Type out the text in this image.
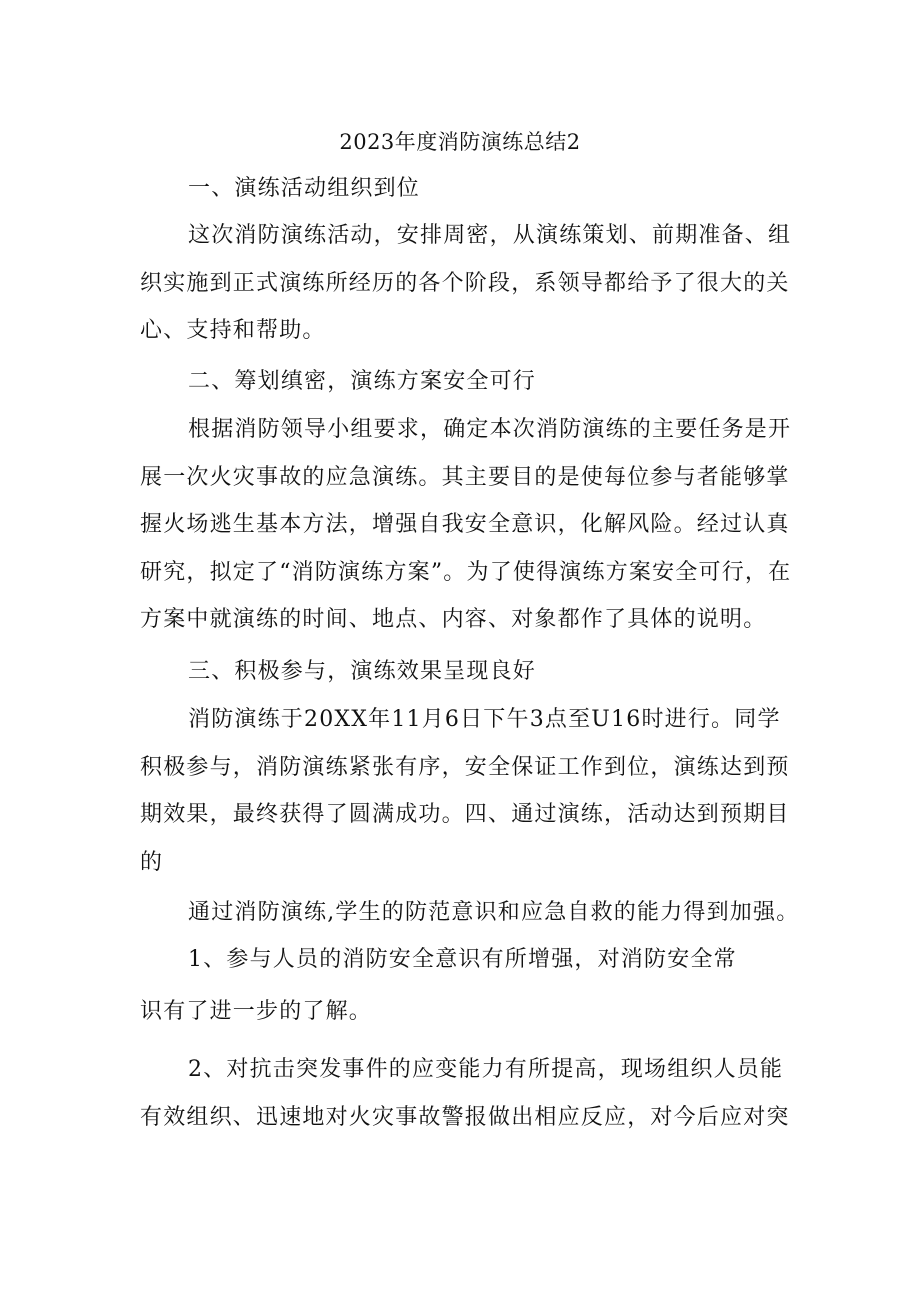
2023年度消防演练总结2
一、演练活动组织到位
这次消防演练活动，安排周密，从演练策划、前期准备、组织实施到正式演练所经历的各个阶段，系领导都给予了很大的关心、支持和帮助。
二、筹划缜密，演练方案安全可行
根据消防领导小组要求，确定本次消防演练的主要任务是开展一次火灾事故的应急演练。其主要目的是使每位参与者能够掌握火场逃生基本方法，增强自我安全意识，化解风险。经过认真研究，拟定了“消防演练方案”。为了使得演练方案安全可行，在方案中就演练的时间、地点、内容、对象都作了具体的说明。
三、积极参与，演练效果呈现良好
消防演练于20XX年11月6日下午3点至U16时进行。同学积极参与，消防演练紧张有序，安全保证工作到位，演练达到预期效果，最终获得了圆满成功。四、通过演练，活动达到预期目的
通过消防演练,学生的防范意识和应急自救的能力得到加强。
1、参与人员的消防安全意识有所增强，对消防安全常
识有了进一步的了解。
2、对抗击突发事件的应变能力有所提高，现场组织人员能有效组织、迅速地对火灾事故警报做出相应反应，对今后应对突
